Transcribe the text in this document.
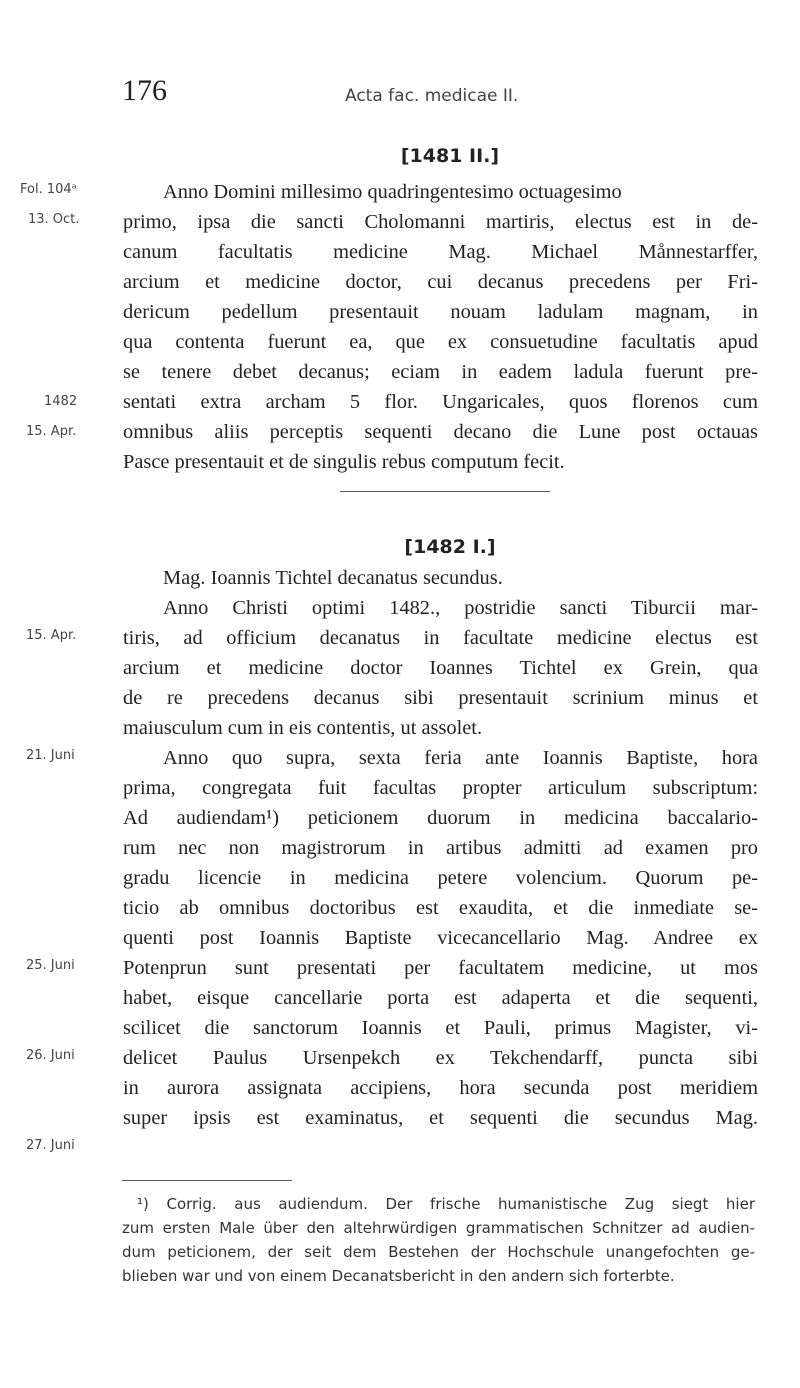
176	Acta fac. medicae II.
[1481 II.]
Fol. 104ᵃ
13. Oct.
1482
15. Apr.
Anno Domini millesimo quadringentesimo octuagesimo
primo, ipsa die sancti Cholomanni martiris, electus est in de-
canum facultatis medicine Mag. Michael Månnestarffer,
arcium et medicine doctor, cui decanus precedens per Fri-
dericum pedellum presentauit nouam ladulam magnam, in
qua contenta fuerunt ea, que ex consuetudine facultatis apud
se tenere debet decanus; eciam in eadem ladula fuerunt pre-
sentati extra archam 5 flor. Ungaricales, quos florenos cum
omnibus aliis perceptis sequenti decano die Lune post octauas
Pasce presentauit et de singulis rebus computum fecit.
[1482 I.]
15. Apr.
21. Juni
25. Juni
26. Juni
27. Juni
Mag. Ioannis Tichtel decanatus secundus.
Anno Christi optimi 1482., postridie sancti Tiburcii mar-
tiris, ad officium decanatus in facultate medicine electus est
arcium et medicine doctor Ioannes Tichtel ex Grein, qua
de re precedens decanus sibi presentauit scrinium minus et
maiusculum cum in eis contentis, ut assolet.
Anno quo supra, sexta feria ante Ioannis Baptiste, hora
prima, congregata fuit facultas propter articulum subscriptum:
Ad audiendam¹) peticionem duorum in medicina baccalario-
rum nec non magistrorum in artibus admitti ad examen pro
gradu licencie in medicina petere volencium. Quorum pe-
ticio ab omnibus doctoribus est exaudita, et die inmediate se-
quenti post Ioannis Baptiste vicecancellario Mag. Andree ex
Potenprun sunt presentati per facultatem medicine, ut mos
habet, eisque cancellarie porta est adaperta et die sequenti,
scilicet die sanctorum Ioannis et Pauli, primus Magister, vi-
delicet Paulus Ursenpekch ex Tekchendarff, puncta sibi
in aurora assignata accipiens, hora secunda post meridiem
super ipsis est examinatus, et sequenti die secundus Mag.
¹) Corrig. aus audiendum. Der frische humanistische Zug siegt hier
zum ersten Male über den altehrwürdigen grammatischen Schnitzer ad audien-
dum peticionem, der seit dem Bestehen der Hochschule unangefochten ge-
blieben war und von einem Decanatsbericht in den andern sich forterbte.
